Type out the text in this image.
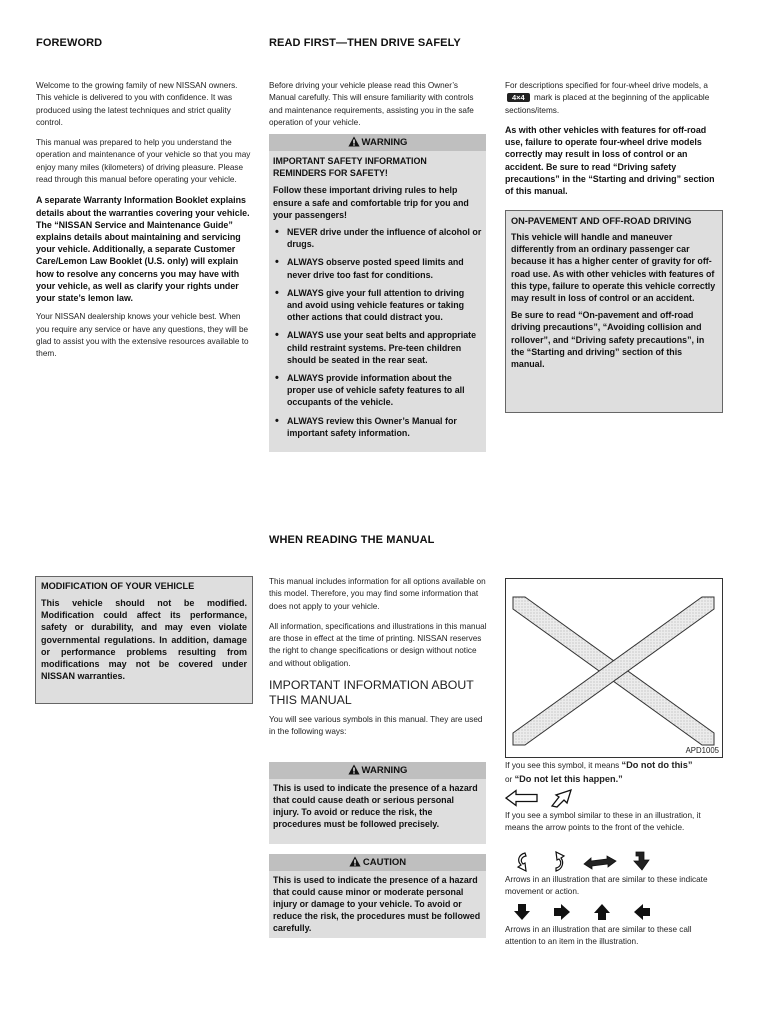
FOREWORD

Welcome to the growing family of new NISSAN owners. This vehicle is delivered to you with confidence. It was produced using the latest techniques and strict quality control.

This manual was prepared to help you understand the operation and maintenance of your vehicle so that you may enjoy many miles (kilometers) of driving pleasure. Please read through this manual before operating your vehicle.

A separate Warranty Information Booklet explains details about the warranties covering your vehicle. The “NISSAN Service and Maintenance Guide” explains details about maintaining and servicing your vehicle. Additionally, a separate Customer Care/Lemon Law Booklet (U.S. only) will explain how to resolve any concerns you may have with your vehicle, as well as clarify your rights under your state’s lemon law.

Your NISSAN dealership knows your vehicle best. When you require any service or have any questions, they will be glad to assist you with the extensive resources available to them.

MODIFICATION OF YOUR VEHICLE
This vehicle should not be modified. Modification could affect its performance, safety or durability, and may even violate governmental regulations. In addition, damage or performance problems resulting from modifications may not be covered under NISSAN warranties.
READ FIRST—THEN DRIVE SAFELY

Before driving your vehicle please read this Owner’s Manual carefully. This will ensure familiarity with controls and maintenance requirements, assisting you in the safe operation of your vehicle.

WARNING

IMPORTANT SAFETY INFORMATION REMINDERS FOR SAFETY!

Follow these important driving rules to help ensure a safe and comfortable trip for you and your passengers!

• NEVER drive under the influence of alcohol or drugs.
• ALWAYS observe posted speed limits and never drive too fast for conditions.
• ALWAYS give your full attention to driving and avoid using vehicle features or taking other actions that could distract you.
• ALWAYS use your seat belts and appropriate child restraint systems. Pre-teen children should be seated in the rear seat.
• ALWAYS provide information about the proper use of vehicle safety features to all occupants of the vehicle.
• ALWAYS review this Owner’s Manual for important safety information.
WHEN READING THE MANUAL

This manual includes information for all options available on this model. Therefore, you may find some information that does not apply to your vehicle.

All information, specifications and illustrations in this manual are those in effect at the time of printing. NISSAN reserves the right to change specifications or design without notice and without obligation.

IMPORTANT INFORMATION ABOUT THIS MANUAL

You will see various symbols in this manual. They are used in the following ways:

WARNING
This is used to indicate the presence of a hazard that could cause death or serious personal injury. To avoid or reduce the risk, the procedures must be followed precisely.
CAUTION
This is used to indicate the presence of a hazard that could cause minor or moderate personal injury or damage to your vehicle. To avoid or reduce the risk, the procedures must be followed carefully.

For descriptions specified for four-wheel drive models, a 4×4 mark is placed at the beginning of the applicable sections/items.

As with other vehicles with features for off-road use, failure to operate four-wheel drive models correctly may result in loss of control or an accident. Be sure to read “Driving safety precautions” in the “Starting and driving” section of this manual.

ON-PAVEMENT AND OFF-ROAD DRIVING

This vehicle will handle and maneuver differently from an ordinary passenger car because it has a higher center of gravity for off-road use. As with other vehicles with features of this type, failure to operate this vehicle correctly may result in loss of control or an accident.

Be sure to read “On-pavement and off-road driving precautions”, “Avoiding collision and rollover”, and “Driving safety precautions”, in the “Starting and driving” section of this manual.

APD1005
If you see this symbol, it means “Do not do this”
or “Do not let this happen.”

If you see a symbol similar to these in an illustration, it means the arrow points to the front of the vehicle.

Arrows in an illustration that are similar to these indicate movement or action.

Arrows in an illustration that are similar to these call attention to an item in the illustration.
